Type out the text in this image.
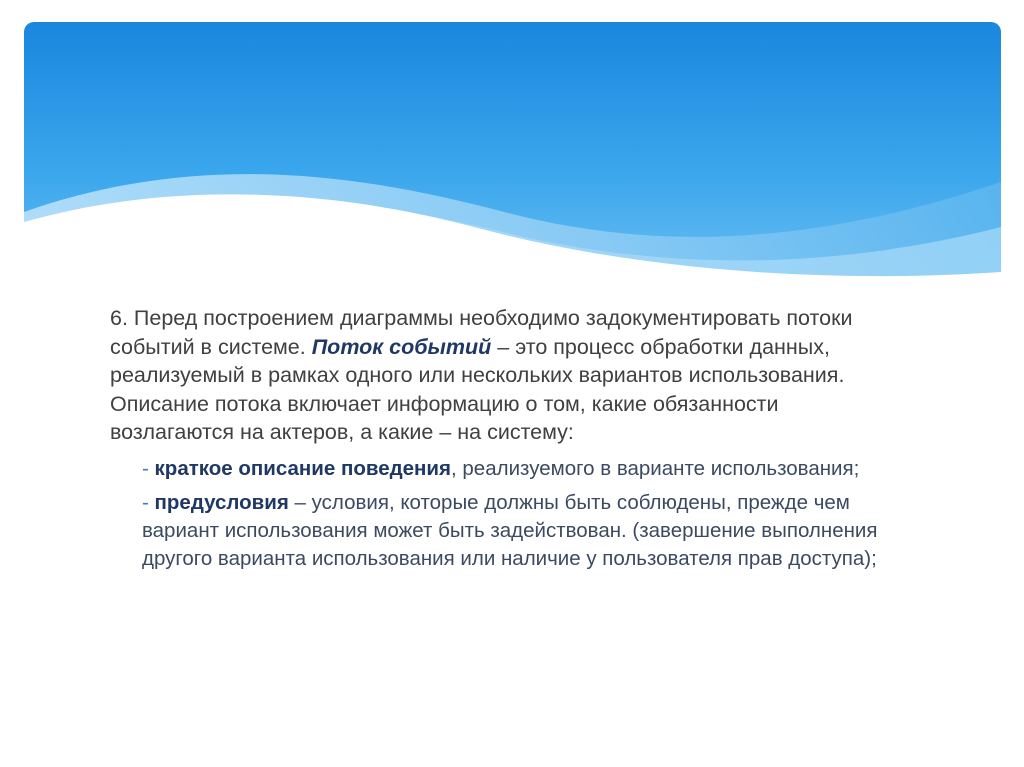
6. Перед построением диаграммы необходимо задокументировать потоки событий в системе. Поток событий – это процесс обработки данных, реализуемый в рамках одного или нескольких вариантов использования. Описание потока включает информацию о том, какие обязанности возлагаются на актеров, а какие – на систему:

- краткое описание поведения, реализуемого в варианте использования;

- предусловия – условия, которые должны быть соблюдены, прежде чем вариант использования может быть задействован. (завершение выполнения другого варианта использования или наличие у пользователя прав доступа);
